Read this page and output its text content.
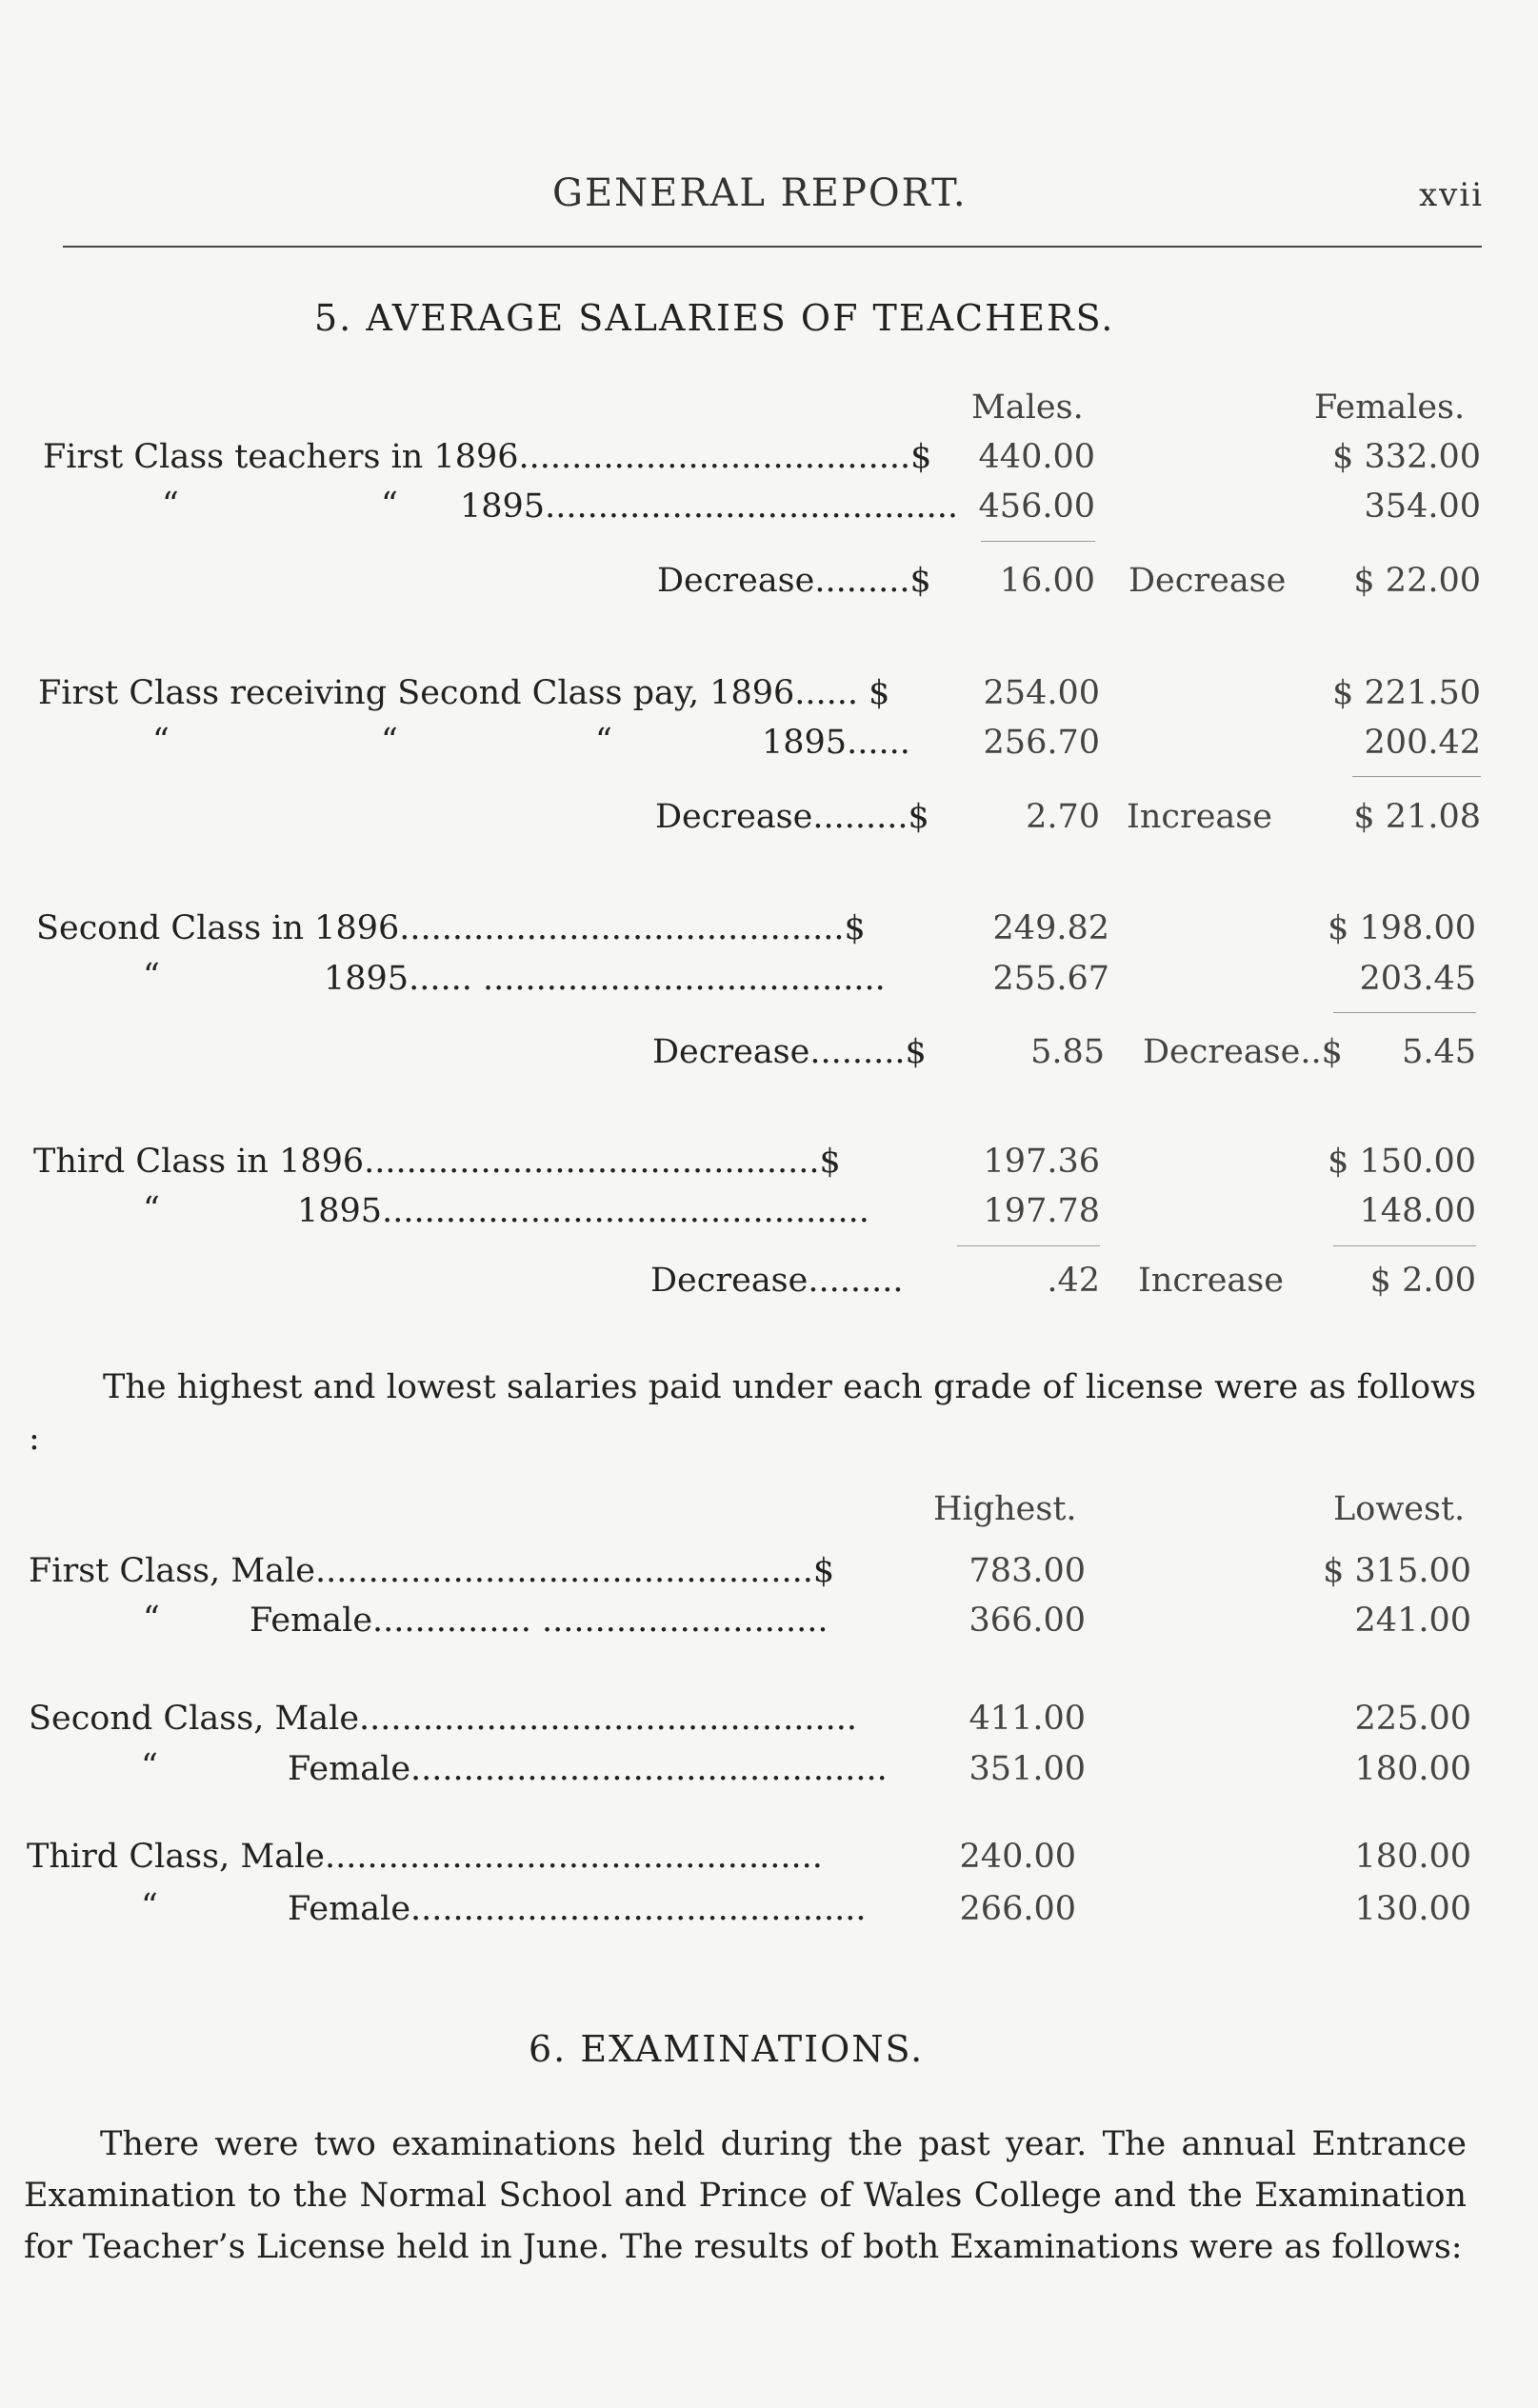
GENERAL REPORT.	xvii
5. AVERAGE SALARIES OF TEACHERS.
Males.	Females.
First Class teachers in 1896.....................................$	440.00	$ 332.00
“	“ 1895....................................... 456.00	354.00
Decrease.........$	16.00 Decrease	$ 22.00
First Class receiving Second Class pay, 1896...... $	254.00	$ 221.50
“	“	“	1895......	256.70	200.42
Decrease.........$	2.70 Increase	$ 21.08
Second Class in 1896..........................................$	249.82	$ 198.00
“	1895...... ......................................	255.67	203.45
Decrease.........$	5.85 Decrease..$	5.45
Third Class in 1896...........................................$	197.36	$ 150.00
“	1895..............................................	197.78	148.00
Decrease.........	.42 Increase	$ 2.00
The highest and lowest salaries paid under each grade of license were as follows :
Highest.	Lowest.
First Class, Male...............................................$	783.00	$ 315.00
“	Female............... ...........................	366.00	241.00
Second Class, Male...............................................	411.00	225.00
“	Female.............................................	351.00	180.00
Third Class, Male...............................................	240.00	180.00
“	Female...........................................	266.00	130.00
6. EXAMINATIONS.
There were two examinations held during the past year. The annual Entrance Examination to the Normal School and Prince of Wales College and the Examination for Teacher’s License held in June. The results of both Examinations were as follows:
